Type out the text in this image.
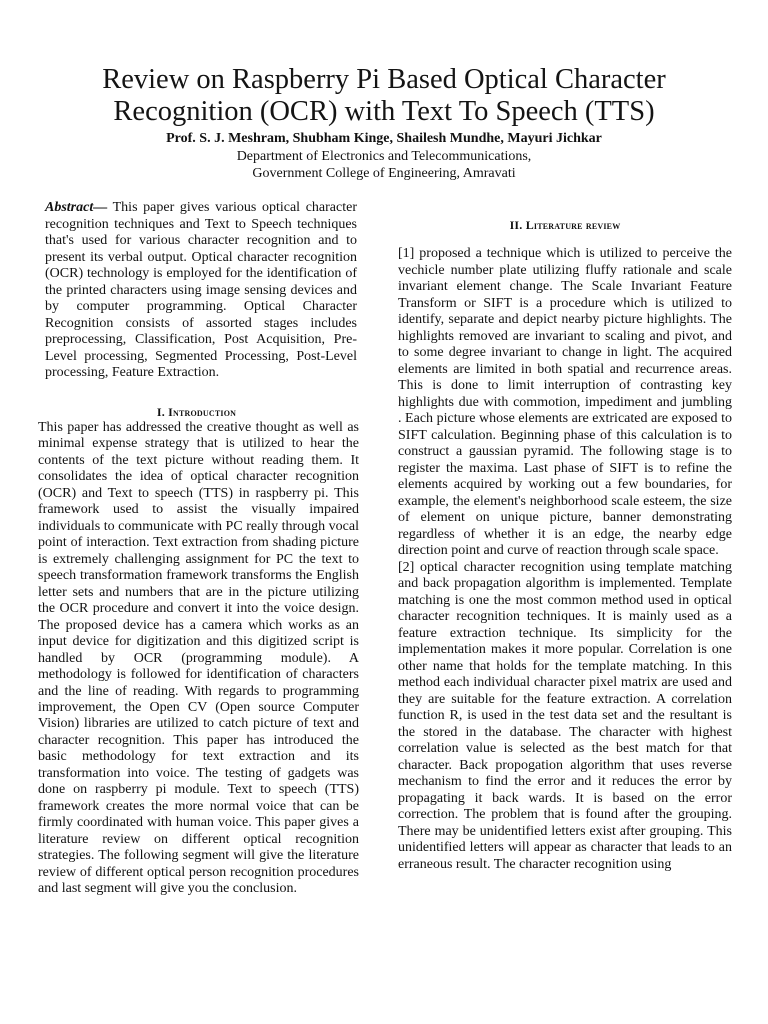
Review on Raspberry Pi Based Optical Character Recognition (OCR) with Text To Speech (TTS)

Prof. S. J. Meshram, Shubham Kinge, Shailesh Mundhe, Mayuri Jichkar

Department of Electronics and Telecommunications,
Government College of Engineering, Amravati

Abstract— This paper gives various optical character recognition techniques and Text to Speech techniques that's used for various character recognition and to present its verbal output. Optical character recognition (OCR) technology is employed for the identification of the printed characters using image sensing devices and by computer programming. Optical Character Recognition consists of assorted stages includes preprocessing, Classification, Post Acquisition, Pre-Level processing, Segmented Processing, Post-Level processing, Feature Extraction.

I. Introduction

This paper has addressed the creative thought as well as minimal expense strategy that is utilized to hear the contents of the text picture without reading them. It consolidates the idea of optical character recognition (OCR) and Text to speech (TTS) in raspberry pi. This framework used to assist the visually impaired individuals to communicate with PC really through vocal point of interaction. Text extraction from shading picture is extremely challenging assignment for PC the text to speech transformation framework transforms the English letter sets and numbers that are in the picture utilizing the OCR procedure and convert it into the voice design. The proposed device has a camera which works as an input device for digitization and this digitized script is handled by OCR (programming module). A methodology is followed for identification of characters and the line of reading. With regards to programming improvement, the Open CV (Open source Computer Vision) libraries are utilized to catch picture of text and character recognition. This paper has introduced the basic methodology for text extraction and its transformation into voice. The testing of gadgets was done on raspberry pi module. Text to speech (TTS) framework creates the more normal voice that can be firmly coordinated with human voice. This paper gives a literature review on different optical recognition strategies. The following segment will give the literature review of different optical person recognition procedures and last segment will give you the conclusion.

II. Literature review

[1] proposed a technique which is utilized to perceive the vechicle number plate utilizing fluffy rationale and scale invariant element change. The Scale Invariant Feature Transform or SIFT is a procedure which is utilized to identify, separate and depict nearby picture highlights. The highlights removed are invariant to scaling and pivot, and to some degree invariant to change in light. The acquired elements are limited in both spatial and recurrence areas. This is done to limit interruption of contrasting key highlights due with commotion, impediment and jumbling . Each picture whose elements are extricated are exposed to SIFT calculation. Beginning phase of this calculation is to construct a gaussian pyramid. The following stage is to register the maxima. Last phase of SIFT is to refine the elements acquired by working out a few boundaries, for example, the element's neighborhood scale esteem, the size of element on unique picture, banner demonstrating regardless of whether it is an edge, the nearby edge direction point and curve of reaction through scale space.

[2] optical character recognition using template matching and back propagation algorithm is implemented. Template matching is one the most common method used in optical character recognition techniques. It is mainly used as a feature extraction technique. Its simplicity for the implementation makes it more popular. Correlation is one other name that holds for the template matching. In this method each individual character pixel matrix are used and they are suitable for the feature extraction. A correlation function R, is used in the test data set and the resultant is the stored in the database. The character with highest correlation value is selected as the best match for that character. Back propogation algorithm that uses reverse mechanism to find the error and it reduces the error by propagating it back wards. It is based on the error correction. The problem that is found after the grouping. There may be unidentified letters exist after grouping. This unidentified letters will appear as character that leads to an erraneous result. The character recognition using
